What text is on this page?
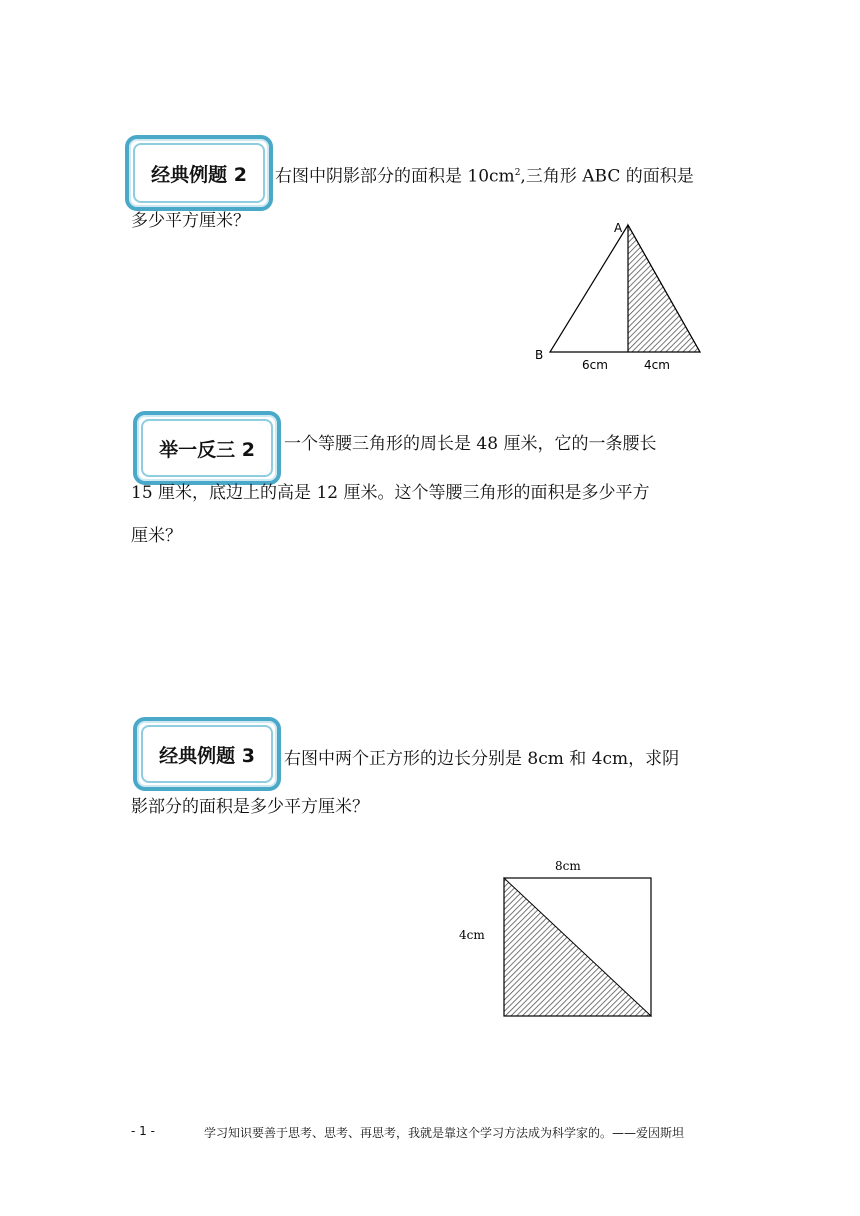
经典例题 2 右图中阴影部分的面积是 $10cm^2$,三角形 ABC 的面积是
多少平方厘米？	A
B
6cm	4cm
举一反三 2 一个等腰三角形的周长是 48 厘米，它的一条腰长
15 厘米，底边上的高是 12 厘米。这个等腰三角形的面积是多少平方
厘米？
经典例题 3 右图中两个正方形的边长分别是 8cm 和 4cm，求阴
影部分的面积是多少平方厘米？
8cm
4cm
- 1 -	学习知识要善于思考、思考、再思考，我就是靠这个学习方法成为科学家的。——爱因斯坦
